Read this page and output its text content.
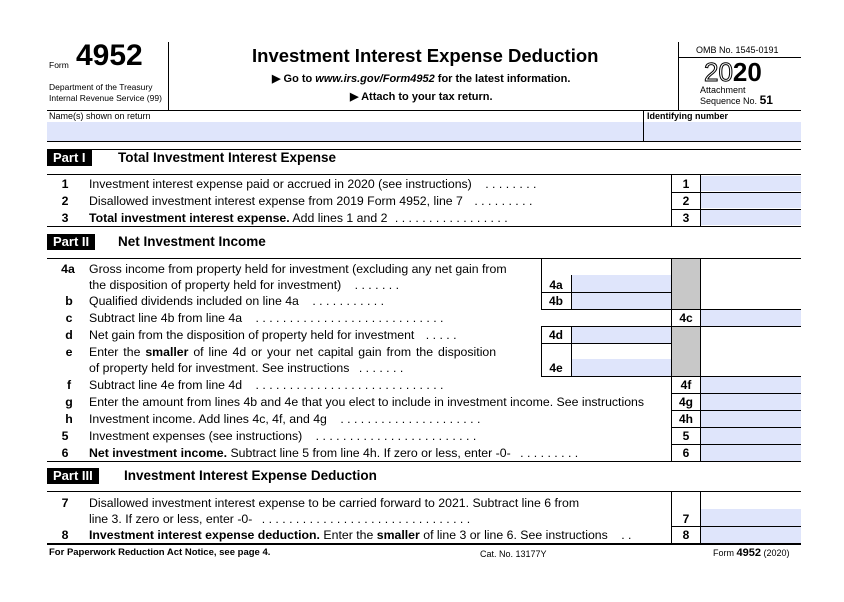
Form 4952
Department of the Treasury
Internal Revenue Service (99)
Investment Interest Expense Deduction
▶ Go to www.irs.gov/Form4952 for the latest information.
▶ Attach to your tax return.
OMB No. 1545-0191
2020
Attachment
Sequence No. 51
Name(s) shown on return	Identifying number
Part I	Total Investment Interest Expense
1 Investment interest expense paid or accrued in 2020 (see instructions) . . . . . . . .	1
2 Disallowed investment interest expense from 2019 Form 4952, line 7 . . . . . . . . .	2
3 Total investment interest expense. Add lines 1 and 2 . . . . . . . . . . . . . . . . .	3
Part II	Net Investment Income
4a Gross income from property held for investment (excluding any net gain from
the disposition of property held for investment) . . . . . . .	4a
b Qualified dividends included on line 4a . . . . . . . . . . .	4b
c Subtract line 4b from line 4a . . . . . . . . . . . . . . . . . . . . . . . . . . . .	4c
d Net gain from the disposition of property held for investment . . . . .	4d
e Enter the smaller of line 4d or your net capital gain from the disposition
of property held for investment. See instructions . . . . . . .	4e
f	Subtract line 4e from line 4d . . . . . . . . . . . . . . . . . . . . . . . . . . . .	4f
g Enter the amount from lines 4b and 4e that you elect to include in investment income. See instructions	4g
h Investment income. Add lines 4c, 4f, and 4g . . . . . . . . . . . . . . . . . . . . .	4h
5 Investment expenses (see instructions) . . . . . . . . . . . . . . . . . . . . . . . .	5
6 Net investment income. Subtract line 5 from line 4h. If zero or less, enter -0- . . . . . . . . .	6
Part III	Investment Interest Expense Deduction
7 Disallowed investment interest expense to be carried forward to 2021. Subtract line 6 from
line 3. If zero or less, enter -0- . . . . . . . . . . . . . . . . . . . . . . . . . . . . . . .	7
8 Investment interest expense deduction. Enter the smaller of line 3 or line 6. See instructions . .	8
For Paperwork Reduction Act Notice, see page 4.	Cat. No. 13177Y	Form 4952 (2020)
